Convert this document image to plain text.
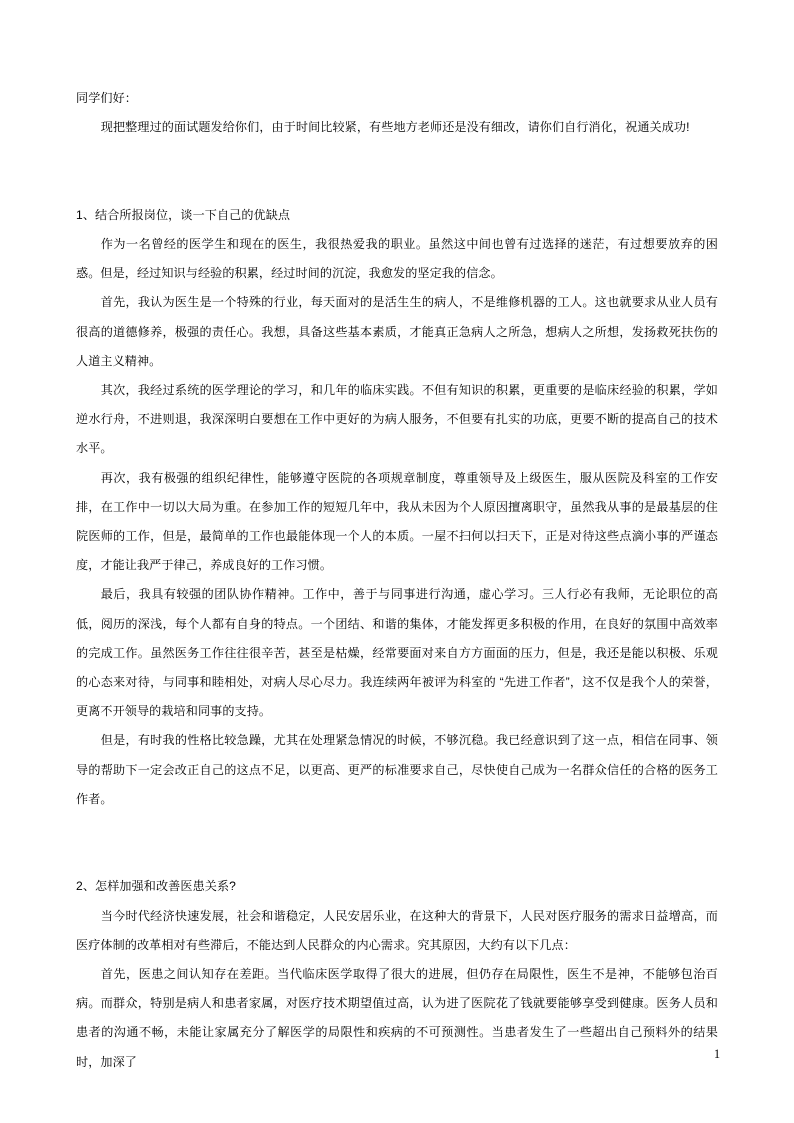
同学们好：
现把整理过的面试题发给你们，由于时间比较紧，有些地方老师还是没有细改，请你们自行消化，祝通关成功!
1、结合所报岗位，谈一下自己的优缺点
作为一名曾经的医学生和现在的医生，我很热爱我的职业。虽然这中间也曾有过选择的迷茫，有过想要放弃的困惑。但是，经过知识与经验的积累，经过时间的沉淀，我愈发的坚定我的信念。
首先，我认为医生是一个特殊的行业，每天面对的是活生生的病人，不是维修机器的工人。这也就要求从业人员有很高的道德修养，极强的责任心。我想，具备这些基本素质，才能真正急病人之所急，想病人之所想，发扬救死扶伤的人道主义精神。
其次，我经过系统的医学理论的学习，和几年的临床实践。不但有知识的积累，更重要的是临床经验的积累，学如逆水行舟，不进则退，我深深明白要想在工作中更好的为病人服务，不但要有扎实的功底，更要不断的提高自己的技术水平。
再次，我有极强的组织纪律性，能够遵守医院的各项规章制度，尊重领导及上级医生，服从医院及科室的工作安排，在工作中一切以大局为重。在参加工作的短短几年中，我从未因为个人原因擅离职守，虽然我从事的是最基层的住院医师的工作，但是，最简单的工作也最能体现一个人的本质。一屋不扫何以扫天下，正是对待这些点滴小事的严谨态度，才能让我严于律己，养成良好的工作习惯。
最后，我具有较强的团队协作精神。工作中，善于与同事进行沟通，虚心学习。三人行必有我师，无论职位的高低，阅历的深浅，每个人都有自身的特点。一个团结、和谐的集体，才能发挥更多积极的作用，在良好的氛围中高效率的完成工作。虽然医务工作往往很辛苦，甚至是枯燥，经常要面对来自方方面面的压力，但是，我还是能以积极、乐观的心态来对待，与同事和睦相处，对病人尽心尽力。我连续两年被评为科室的 “先进工作者”，这不仅是我个人的荣誉，更离不开领导的栽培和同事的支持。
但是，有时我的性格比较急躁，尤其在处理紧急情况的时候，不够沉稳。我已经意识到了这一点，相信在同事、领导的帮助下一定会改正自己的这点不足，以更高、更严的标准要求自己，尽快使自己成为一名群众信任的合格的医务工作者。
2、怎样加强和改善医患关系?
当今时代经济快速发展，社会和谐稳定，人民安居乐业，在这种大的背景下，人民对医疗服务的需求日益增高，而医疗体制的改革相对有些滞后，不能达到人民群众的内心需求。究其原因，大约有以下几点：
首先，医患之间认知存在差距。当代临床医学取得了很大的进展，但仍存在局限性，医生不是神，不能够包治百病。而群众，特别是病人和患者家属，对医疗技术期望值过高，认为进了医院花了钱就要能够享受到健康。医务人员和患者的沟通不畅，未能让家属充分了解医学的局限性和疾病的不可预测性。当患者发生了一些超出自己预料外的结果时，加深了
1
